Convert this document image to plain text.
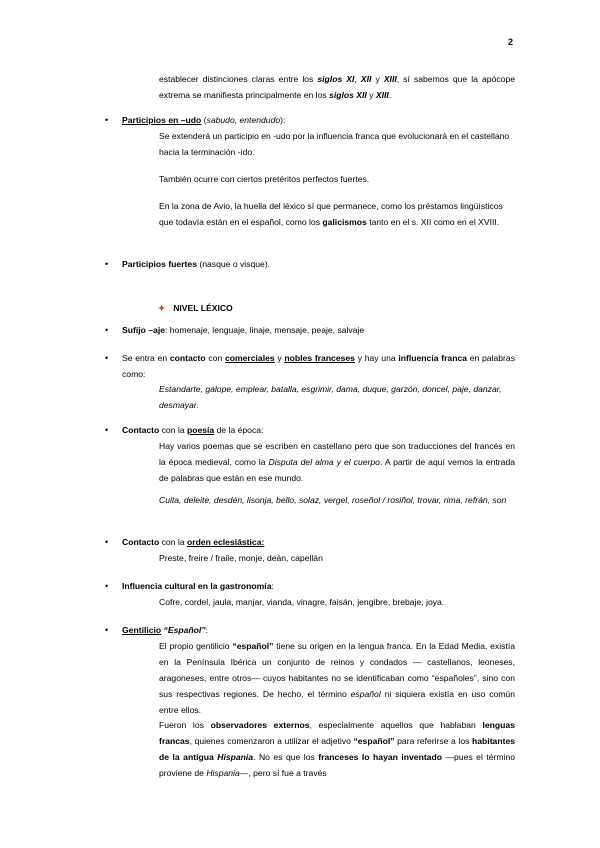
2
establecer distinciones claras entre los siglos XI, XII y XIII, sí sabemos que la apócope extrema se manifiesta principalmente en los siglos XII y XIII.
• Participios en –udo (sabudo, entendudo):
Se extenderá un participio en -udo por la influencia franca que evolucionará en el castellano hacia la terminación -ido.
También ocurre con ciertos pretéritos perfectos fuertes.
En la zona de Avio, la huella del léxico sí que permanece, como los préstamos lingüísticos que todavía están en el español, como los galicismos tanto en el s. XII como en el XVIII.
• Participios fuertes (nasque o visque).
✦ NIVEL LÉXICO
• Sufijo –aje: homenaje, lenguaje, linaje, mensaje, peaje, salvaje
• Se entra en contacto con comerciales y nobles franceses y hay una influencia franca en palabras como:
Estandarte, galope, emplear, batalla, esgrimir, dama, duque, garzón, doncel, paje, danzar, desmayar.
• Contacto con la poesía de la época:
Hay varios poemas que se escriben en castellano pero que son traducciones del francés en la época medieval, como la Disputa del alma y el cuerpo. A partir de aquí vemos la entrada de palabras que están en ese mundo.
Cuita, deleite, desdén, lisonja, bello, solaz, vergel, roseñol / rosiñol, trovar, rima, refrán, son
• Contacto con la orden eclesiástica:
Preste, freire / fraile, monje, deán, capellán
• Influencia cultural en la gastronomía:
Cofre, cordel, jaula, manjar, vianda, vinagre, faisán, jengibre, brebaje, joya.
• Gentilicio “Español”:
El propio gentilicio “español” tiene su origen en la lengua franca. En la Edad Media, existía en la Península Ibérica un conjunto de reinos y condados — castellanos, leoneses, aragoneses, entre otros— cuyos habitantes no se identificaban como “españoles”, sino con sus respectivas regiones. De hecho, el término español ni siquiera existía en uso común entre ellos.
Fueron los observadores externos, especialmente aquellos que hablaban lenguas francas, quienes comenzaron a utilizar el adjetivo “español” para referirse a los habitantes de la antigua Hispania. No es que los franceses lo hayan inventado —pues el término proviene de Hispania—, pero sí fue a través
